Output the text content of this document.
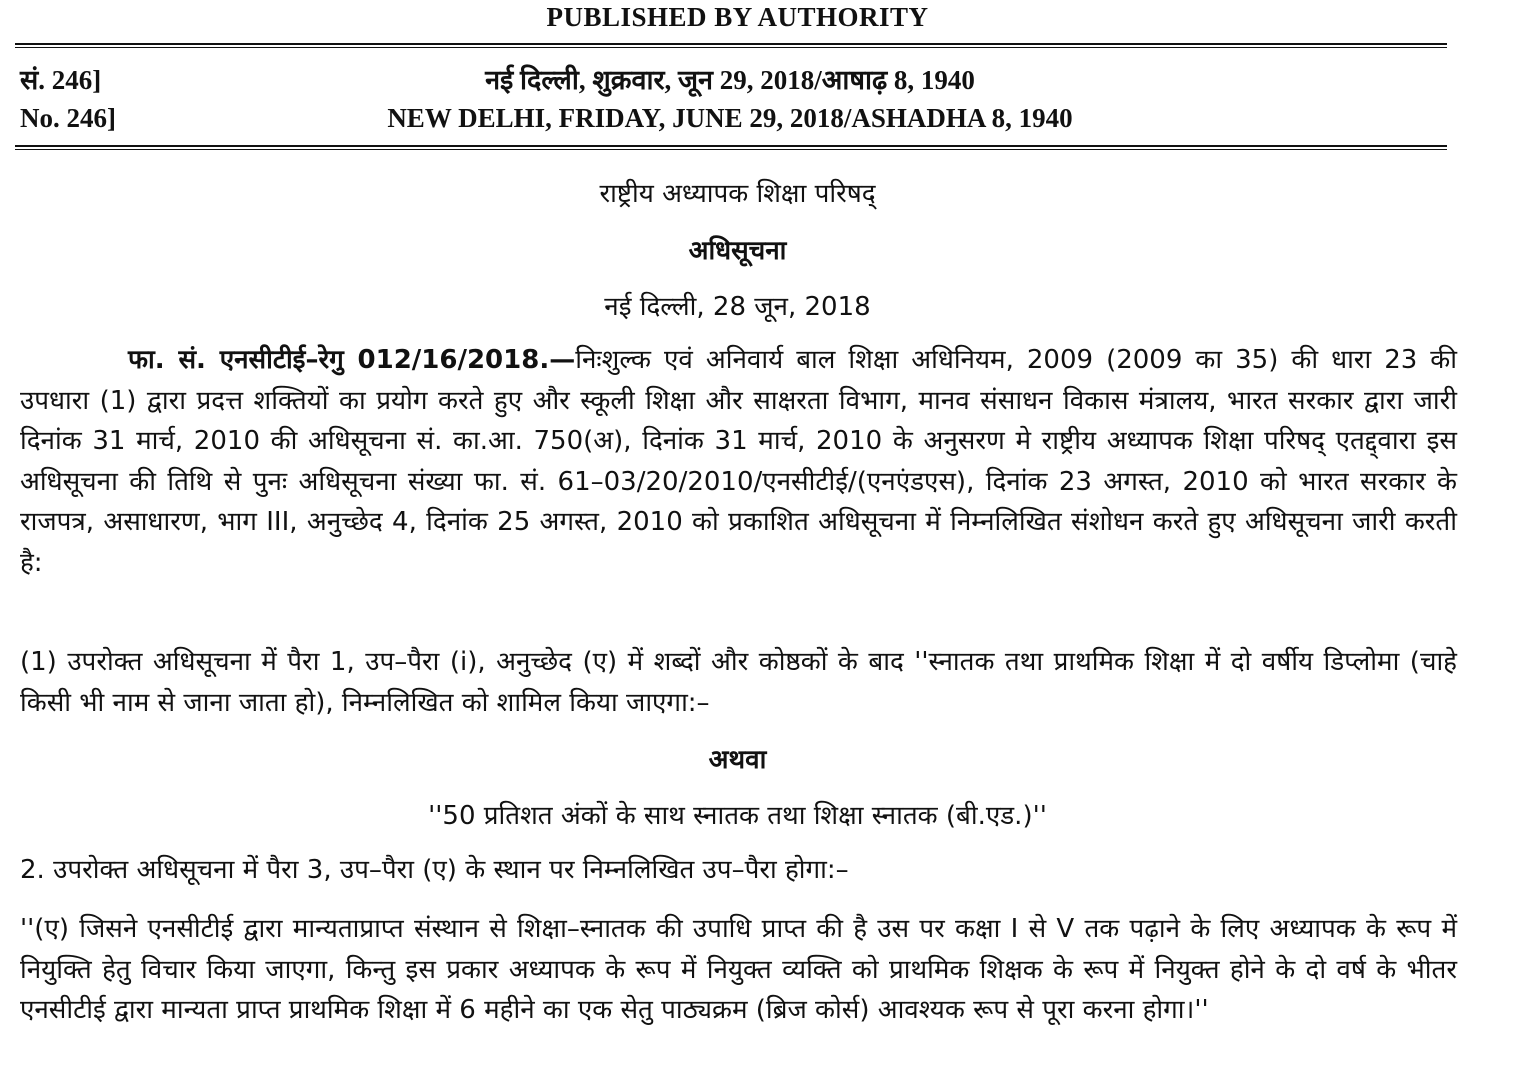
PUBLISHED BY AUTHORITY
सं. 246]	नई दिल्ली, शुक्रवार, जून 29, 2018/आषाढ़ 8, 1940
No. 246]	NEW DELHI, FRIDAY, JUNE 29, 2018/ASHADHA 8, 1940
राष्ट्रीय अध्यापक शिक्षा परिषद्
अधिसूचना
नई दिल्ली, 28 जून, 2018
फा. सं. एनसीटीई–रेगु 012/16/2018.—निःशुल्क एवं अनिवार्य बाल शिक्षा अधिनियम, 2009 (2009 का 35) की धारा 23 की उपधारा (1) द्वारा प्रदत्त शक्तियों का प्रयोग करते हुए और स्कूली शिक्षा और साक्षरता विभाग, मानव संसाधन विकास मंत्रालय, भारत सरकार द्वारा जारी दिनांक 31 मार्च, 2010 की अधिसूचना सं. का.आ. 750(अ), दिनांक 31 मार्च, 2010 के अनुसरण मे राष्ट्रीय अध्यापक शिक्षा परिषद् एतद्द्वारा इस अधिसूचना की तिथि से पुनः अधिसूचना संख्या फा. सं. 61–03/20/2010/एनसीटीई/(एनएंडएस), दिनांक 23 अगस्त, 2010 को भारत सरकार के राजपत्र, असाधारण, भाग III, अनुच्छेद 4, दिनांक 25 अगस्त, 2010 को प्रकाशित अधिसूचना में निम्नलिखित संशोधन करते हुए अधिसूचना जारी करती है:
(1) उपरोक्त अधिसूचना में पैरा 1, उप–पैरा (i), अनुच्छेद (ए) में शब्दों और कोष्ठकों के बाद ''स्नातक तथा प्राथमिक शिक्षा में दो वर्षीय डिप्लोमा (चाहे किसी भी नाम से जाना जाता हो), निम्नलिखित को शामिल किया जाएगा:–
अथवा
''50 प्रतिशत अंकों के साथ स्नातक तथा शिक्षा स्नातक (बी.एड.)''
2. उपरोक्त अधिसूचना में पैरा 3, उप–पैरा (ए) के स्थान पर निम्नलिखित उप–पैरा होगा:–
''(ए) जिसने एनसीटीई द्वारा मान्यताप्राप्त संस्थान से शिक्षा–स्नातक की उपाधि प्राप्त की है उस पर कक्षा I से V तक पढ़ाने के लिए अध्यापक के रूप में नियुक्ति हेतु विचार किया जाएगा, किन्तु इस प्रकार अध्यापक के रूप में नियुक्त व्यक्ति को प्राथमिक शिक्षक के रूप में नियुक्त होने के दो वर्ष के भीतर एनसीटीई द्वारा मान्यता प्राप्त प्राथमिक शिक्षा में 6 महीने का एक सेतु पाठ्यक्रम (ब्रिज कोर्स) आवश्यक रूप से पूरा करना होगा।''
